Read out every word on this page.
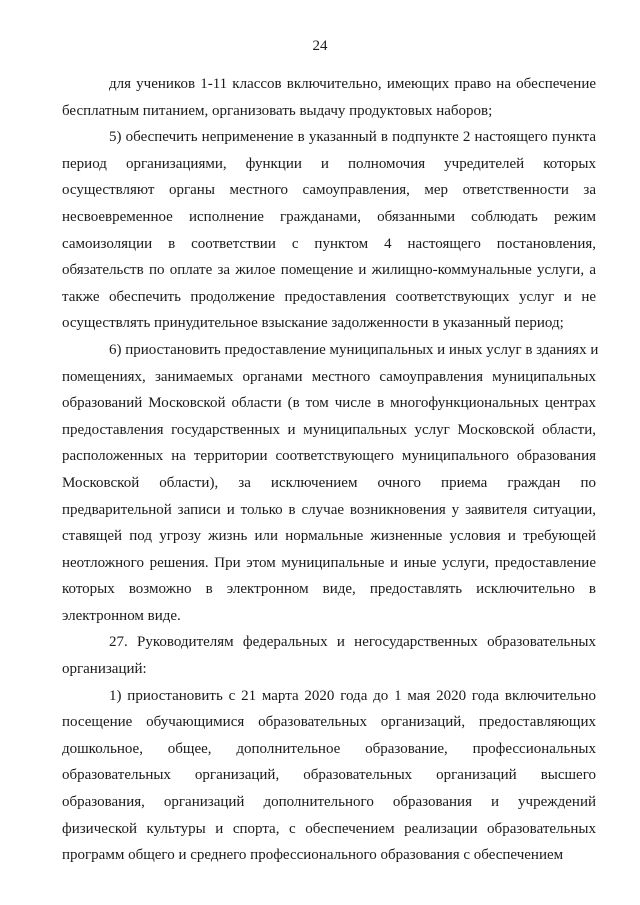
24
для учеников 1-11 классов включительно, имеющих право на обеспечение
бесплатным питанием, организовать выдачу продуктовых наборов;
5) обеспечить неприменение в указанный в подпункте 2 настоящего пункта
период организациями, функции и полномочия учредителей которых
осуществляют органы местного самоуправления, мер ответственности за
несвоевременное исполнение гражданами, обязанными соблюдать режим
самоизоляции в соответствии с пунктом 4 настоящего постановления,
обязательств по оплате за жилое помещение и жилищно-коммунальные услуги, а
также обеспечить продолжение предоставления соответствующих услуг и не
осуществлять принудительное взыскание задолженности в указанный период;
6) приостановить предоставление муниципальных и иных услуг в зданиях и
помещениях, занимаемых органами местного самоуправления муниципальных
образований Московской области (в том числе в многофункциональных центрах
предоставления государственных и муниципальных услуг Московской области,
расположенных на территории соответствующего муниципального образования
Московской области), за исключением очного приема граждан по
предварительной записи и только в случае возникновения у заявителя ситуации,
ставящей под угрозу жизнь или нормальные жизненные условия и требующей
неотложного решения. При этом муниципальные и иные услуги, предоставление
которых возможно в электронном виде, предоставлять исключительно в
электронном виде.
27. Руководителям федеральных и негосударственных образовательных
организаций:
1) приостановить с 21 марта 2020 года до 1 мая 2020 года включительно
посещение обучающимися образовательных организаций, предоставляющих
дошкольное, общее, дополнительное образование, профессиональных
образовательных организаций, образовательных организаций высшего
образования, организаций дополнительного образования и учреждений
физической культуры и спорта, с обеспечением реализации образовательных
программ общего и среднего профессионального образования с обеспечением
